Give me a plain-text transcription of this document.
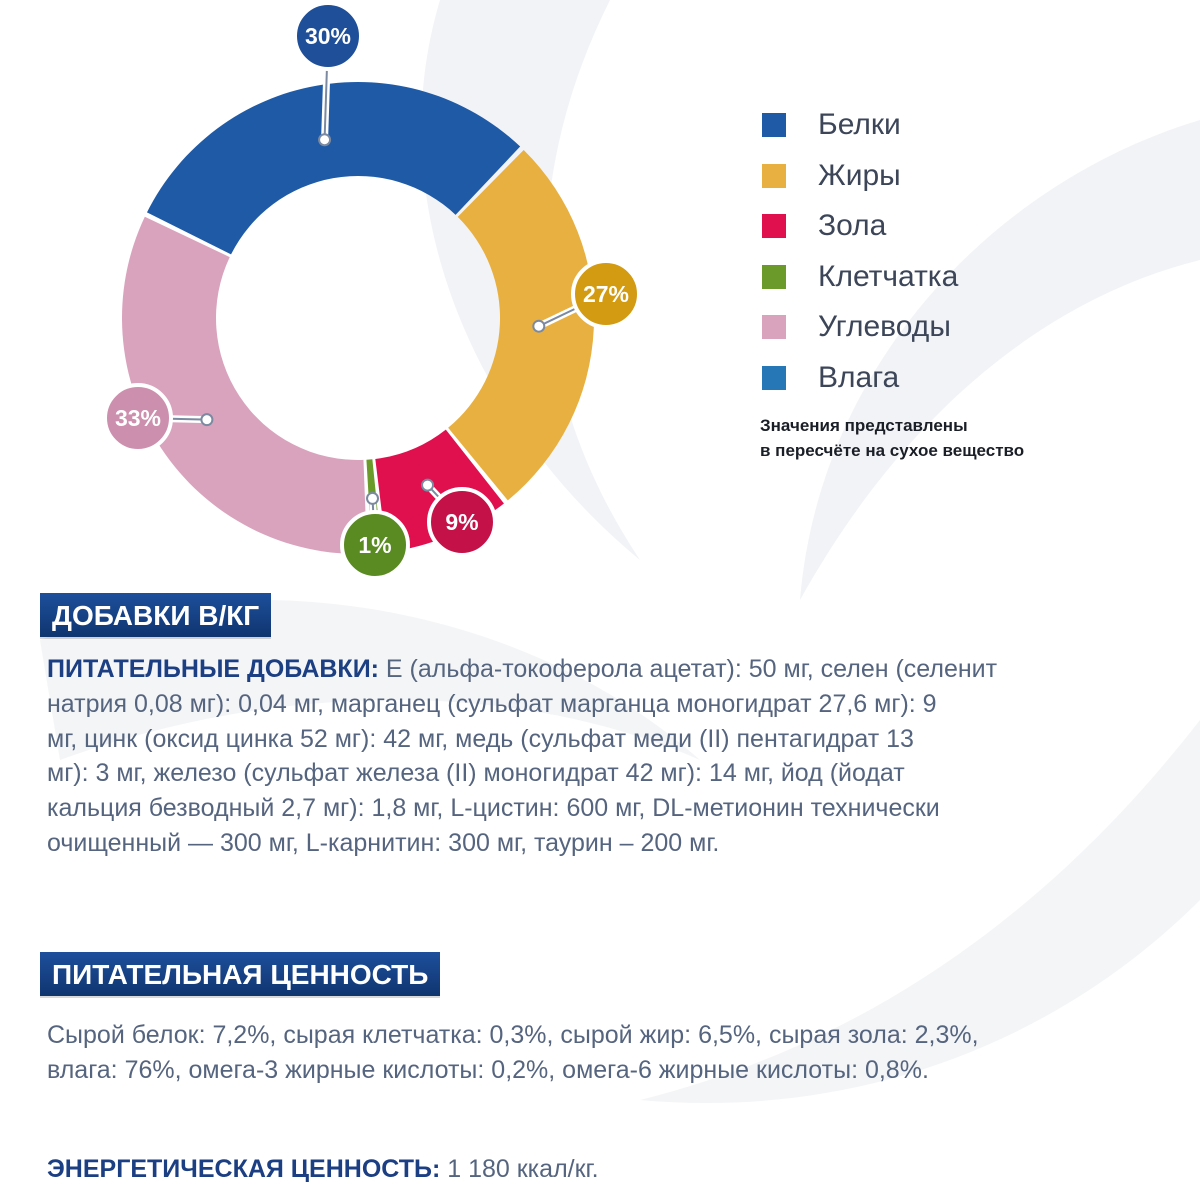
30%
27%
9%
1%
33%
Белки
Жиры
Зола
Клетчатка
Углеводы
Влага
Значения представлены
в пересчёте на сухое вещество
ДОБАВКИ В/КГ
ПИТАТЕЛЬНЫЕ ДОБАВКИ: Е (альфа-токоферола ацетат): 50 мг, селен (селенит
натрия 0,08 мг): 0,04 мг, марганец (сульфат марганца моногидрат 27,6 мг): 9
мг, цинк (оксид цинка 52 мг): 42 мг, медь (сульфат меди (II) пентагидрат 13
мг): 3 мг, железо (сульфат железа (II) моногидрат 42 мг): 14 мг, йод (йодат
кальция безводный 2,7 мг): 1,8 мг, L-цистин: 600 мг, DL-метионин технически
очищенный — 300 мг, L-карнитин: 300 мг, таурин – 200 мг.
ПИТАТЕЛЬНАЯ ЦЕННОСТЬ
Сырой белок: 7,2%, сырая клетчатка: 0,3%, сырой жир: 6,5%, сырая зола: 2,3%,
влага: 76%, омега-3 жирные кислоты: 0,2%, омега-6 жирные кислоты: 0,8%.
ЭНЕРГЕТИЧЕСКАЯ ЦЕННОСТЬ: 1 180 ккал/кг.
